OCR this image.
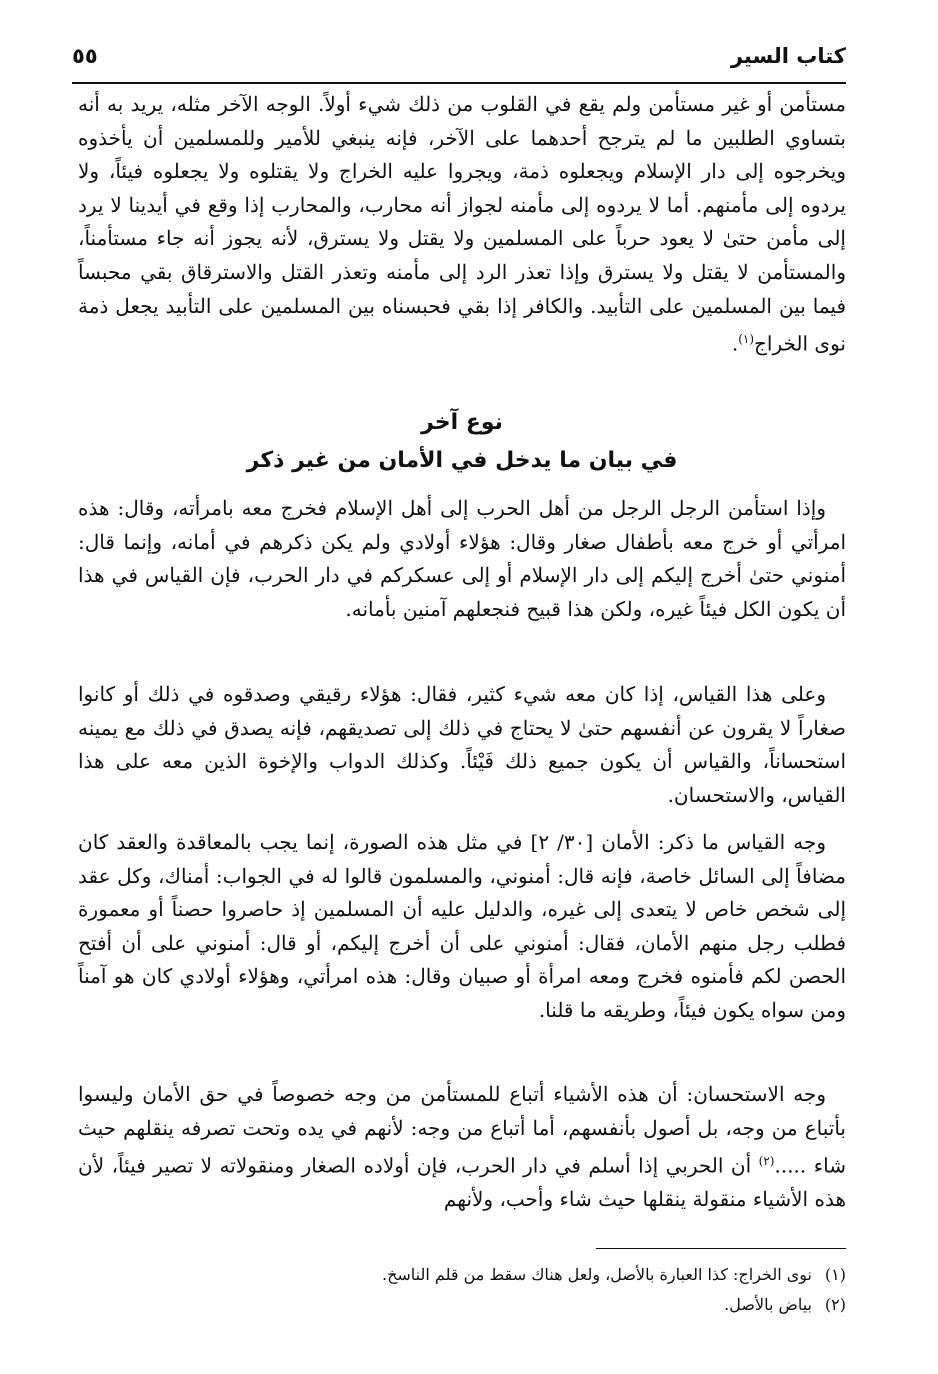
كتاب السير
٥٥

مستأمن أو غير مستأمن ولم يقع في القلوب من ذلك شيء أولاً. الوجه الآخر مثله، يريد به أنه بتساوي الطلبين ما لم يترجح أحدهما على الآخر، فإنه ينبغي للأمير وللمسلمين أن يأخذوه ويخرجوه إلى دار الإسلام ويجعلوه ذمة، ويجروا عليه الخراج ولا يقتلوه ولا يجعلوه فيئاً، ولا يردوه إلى مأمنهم. أما لا يردوه إلى مأمنه لجواز أنه محارب، والمحارب إذا وقع في أيدينا لا يرد إلى مأمن حتىٰ لا يعود حرباً على المسلمين ولا يقتل ولا يسترق، لأنه يجوز أنه جاء مستأمناً، والمستأمن لا يقتل ولا يسترق وإذا تعذر الرد إلى مأمنه وتعذر القتل والاسترقاق بقي محبساً فيما بين المسلمين على التأبيد. والكافر إذا بقي فحبسناه بين المسلمين على التأبيد يجعل ذمة نوى الخراج$^{(١)}$.

نوع آخر
في بيان ما يدخل في الأمان من غير ذكر

وإذا استأمن الرجل الرجل من أهل الحرب إلى أهل الإسلام فخرج معه بامرأته، وقال: هذه امرأتي أو خرج معه بأطفال صغار وقال: هؤلاء أولادي ولم يكن ذكرهم في أمانه، وإنما قال: أمنوني حتىٰ أخرج إليكم إلى دار الإسلام أو إلى عسكركم في دار الحرب، فإن القياس في هذا أن يكون الكل فيئاً غيره، ولكن هذا قبيح فنجعلهم آمنين بأمانه.

وعلى هذا القياس، إذا كان معه شيء كثير، فقال: هؤلاء رقيقي وصدقوه في ذلك أو كانوا صغاراً لا يقرون عن أنفسهم حتىٰ لا يحتاج في ذلك إلى تصديقهم، فإنه يصدق في ذلك مع يمينه استحساناً، والقياس أن يكون جميع ذلك فَيْئاً. وكذلك الدواب والإخوة الذين معه على هذا القياس، والاستحسان.

وجه القياس ما ذكر: الأمان [٣٠/ ٢] في مثل هذه الصورة، إنما يجب بالمعاقدة والعقد كان مضافاً إلى السائل خاصة، فإنه قال: أمنوني، والمسلمون قالوا له في الجواب: أمناك، وكل عقد إلى شخص خاص لا يتعدى إلى غيره، والدليل عليه أن المسلمين إذ حاصروا حصناً أو معمورة فطلب رجل منهم الأمان، فقال: أمنوني على أن أخرج إليكم، أو قال: أمنوني على أن أفتح الحصن لكم فأمنوه فخرج ومعه امرأة أو صبيان وقال: هذه امرأتي، وهؤلاء أولادي كان هو آمناً ومن سواه يكون فيئاً، وطريقه ما قلنا.

وجه الاستحسان: أن هذه الأشياء أتباع للمستأمن من وجه خصوصاً في حق الأمان وليسوا بأتباع من وجه، بل أصول بأنفسهم، أما أتباع من وجه: لأنهم في يده وتحت تصرفه ينقلهم حيث شاء .....$^{(٢)}$ أن الحربي إذا أسلم في دار الحرب، فإن أولاده الصغار ومنقولاته لا تصير فيئاً، لأن هذه الأشياء منقولة ينقلها حيث شاء وأحب، ولأنهم

(١)نوى الخراج: كذا العبارة بالأصل، ولعل هناك سقط من قلم الناسخ.
(٢)بياض بالأصل.
